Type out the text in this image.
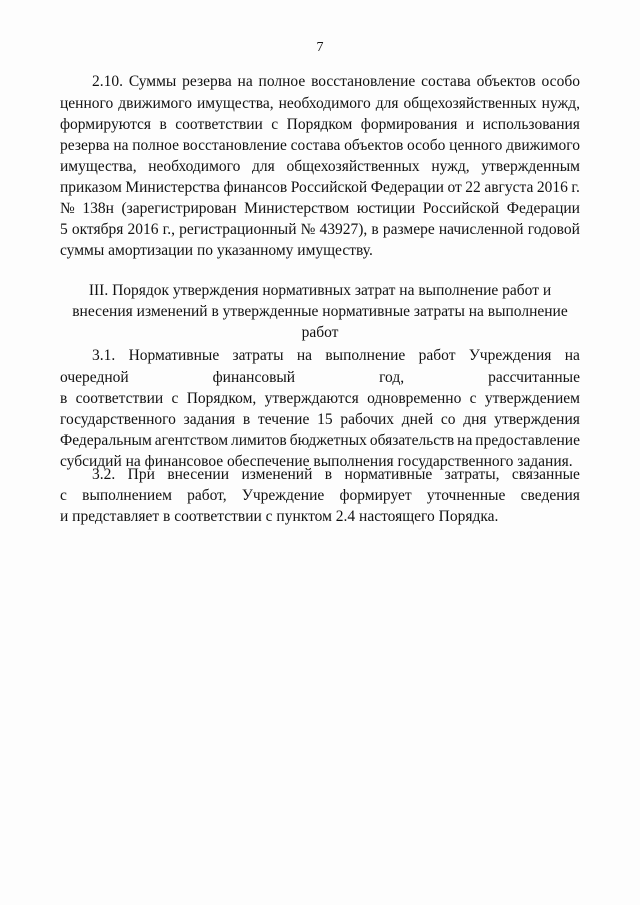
7
2.10. Суммы резерва на полное восстановление состава объектов особо
ценного движимого имущества, необходимого для общехозяйственных нужд,
формируются в соответствии с Порядком формирования и использования
резерва на полное восстановление состава объектов особо ценного движимого
имущества, необходимого для общехозяйственных нужд, утвержденным
приказом Министерства финансов Российской Федерации от 22 августа 2016 г.
№ 138н (зарегистрирован Министерством юстиции Российской Федерации
5 октября 2016 г., регистрационный № 43927), в размере начисленной годовой
суммы амортизации по указанному имуществу.
III. Порядок утверждения нормативных затрат на выполнение работ и
внесения изменений в утвержденные нормативные затраты на выполнение
работ
3.1. Нормативные затраты на выполнение работ Учреждения на
очередной	финансовый	год,	рассчитанные
в соответствии с Порядком, утверждаются одновременно с утверждением
государственного задания в течение 15 рабочих дней со дня утверждения
Федеральным агентством лимитов бюджетных обязательств на предоставление
субсидий на финансовое обеспечение выполнения государственного задания.
3.2. При внесении изменений в нормативные затраты, связанные
с выполнением работ, Учреждение формирует уточненные сведения
и представляет в соответствии с пунктом 2.4 настоящего Порядка.
